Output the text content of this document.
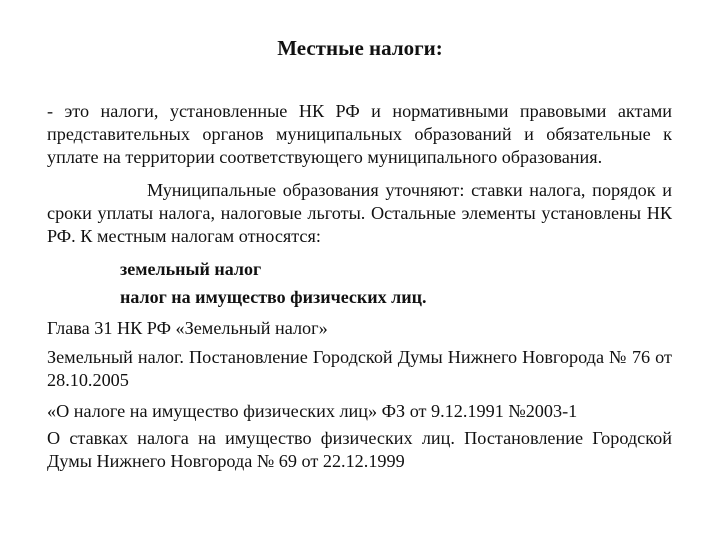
Местные налоги:
- это налоги, установленные НК РФ и нормативными правовыми актами представительных органов муниципальных образований и обязательные к уплате на территории соответствующего муниципального образования.
Муниципальные образования уточняют: ставки налога, порядок и сроки уплаты налога, налоговые льготы. Остальные элементы установлены НК РФ. К местным налогам относятся:
земельный налог
налог на имущество физических лиц.
Глава 31 НК РФ «Земельный налог»
Земельный налог. Постановление Городской Думы Нижнего Новгорода № 76 от 28.10.2005
«О налоге на имущество физических лиц» ФЗ от 9.12.1991 №2003-1
О ставках налога на имущество физических лиц. Постановление Городской Думы Нижнего Новгорода № 69 от 22.12.1999
